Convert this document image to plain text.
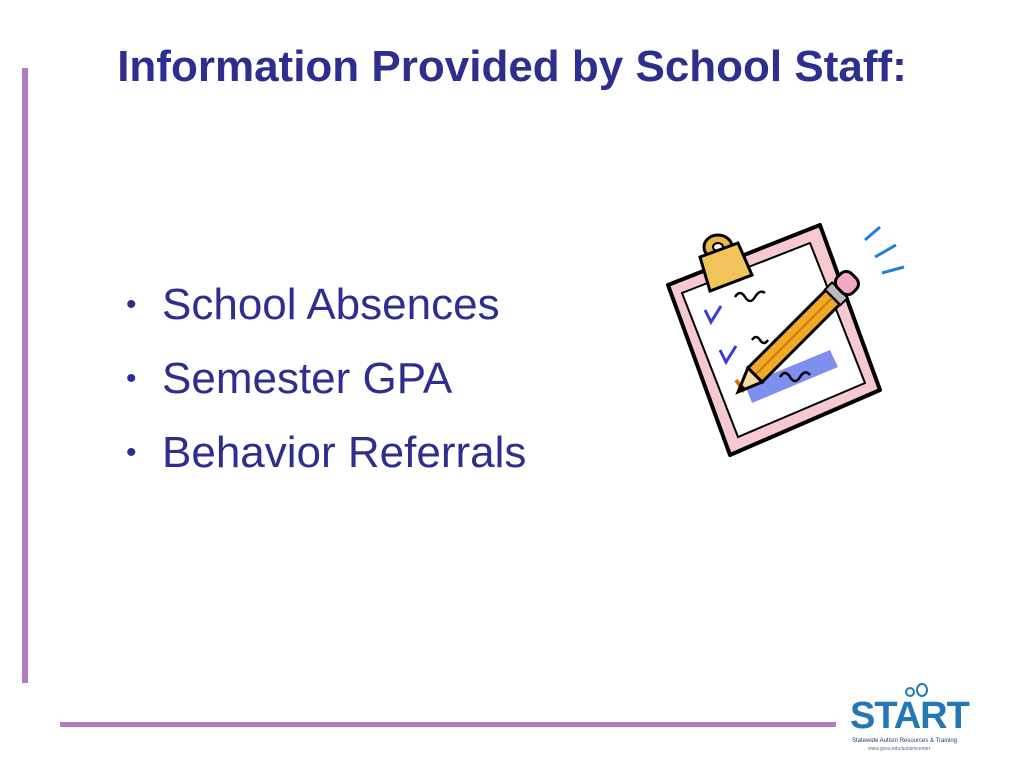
Information Provided by School Staff:
• School Absences
• Semester GPA
• Behavior Referrals
START
Statewide Autism Resources & Training
www.gvsu.edu/autismcenter
